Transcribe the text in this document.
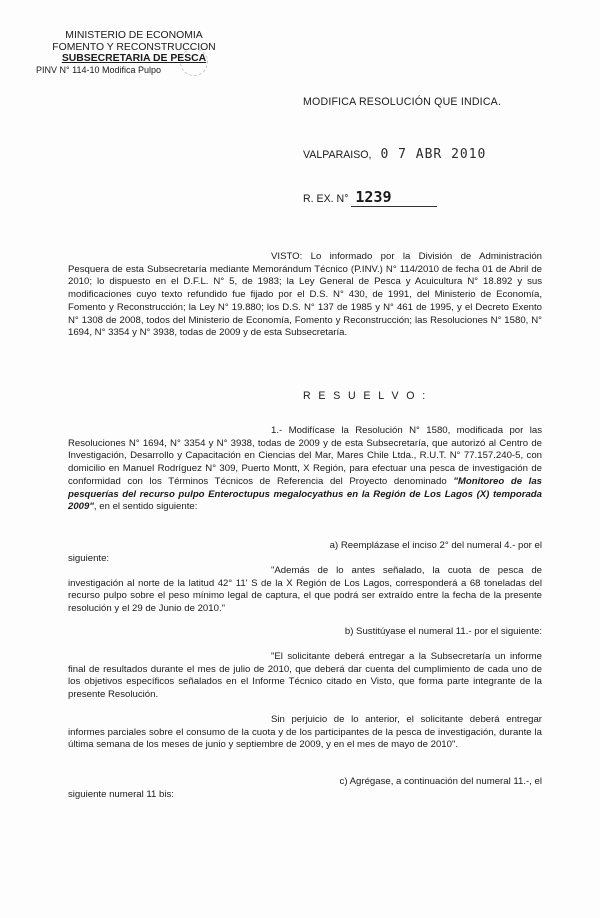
MINISTERIO DE ECONOMIA
FOMENTO Y RECONSTRUCCION
SUBSECRETARIA DE PESCA
PINV N° 114-10 Modifica Pulpo
MODIFICA RESOLUCIÓN QUE INDICA.
VALPARAISO, 0 7 ABR 2010
R. EX. N° 1239
VISTO: Lo informado por la División de Administración Pesquera de esta Subsecretaría mediante Memorándum Técnico (P.INV.) N° 114/2010 de fecha 01 de Abril de 2010; lo dispuesto en el D.F.L. N° 5, de 1983; la Ley General de Pesca y Acuicultura N° 18.892 y sus modificaciones cuyo texto refundido fue fijado por el D.S. N° 430, de 1991, del Ministerio de Economía, Fomento y Reconstrucción; la Ley N° 19.880; los D.S. N° 137 de 1985 y N° 461 de 1995, y el Decreto Exento N° 1308 de 2008, todos del Ministerio de Economía, Fomento y Reconstrucción; las Resoluciones N° 1580, N° 1694, N° 3354 y N° 3938, todas de 2009 y de esta Subsecretaría.
R E S U E L V O :
1.- Modifícase la Resolución N° 1580, modificada por las Resoluciones N° 1694, N° 3354 y N° 3938, todas de 2009 y de esta Subsecretaría, que autorizó al Centro de Investigación, Desarrollo y Capacitación en Ciencias del Mar, Mares Chile Ltda., R.U.T. N° 77.157.240-5, con domicilio en Manuel Rodríguez N° 309, Puerto Montt, X Región, para efectuar una pesca de investigación de conformidad con los Términos Técnicos de Referencia del Proyecto denominado "Monitoreo de las pesquerías del recurso pulpo Enteroctupus megalocyathus en la Región de Los Lagos (X) temporada 2009", en el sentido siguiente:
a) Reemplázase el inciso 2° del numeral 4.- por el
siguiente:
"Además de lo antes señalado, la cuota de pesca de investigación al norte de la latitud 42° 11' S de la X Región de Los Lagos, corresponderá a 68 toneladas del recurso pulpo sobre el peso mínimo legal de captura, el que podrá ser extraído entre la fecha de la presente resolución y el 29 de Junio de 2010."
b) Sustitúyase el numeral 11.- por el siguiente:
"El solicitante deberá entregar a la Subsecretaría un informe final de resultados durante el mes de julio de 2010, que deberá dar cuenta del cumplimiento de cada uno de los objetivos específicos señalados en el Informe Técnico citado en Visto, que forma parte integrante de la presente Resolución.
Sin perjuicio de lo anterior, el solicitante deberá entregar informes parciales sobre el consumo de la cuota y de los participantes de la pesca de investigación, durante la última semana de los meses de junio y septiembre de 2009, y en el mes de mayo de 2010".
c) Agrégase, a continuación del numeral 11.-, el
siguiente numeral 11 bis:
